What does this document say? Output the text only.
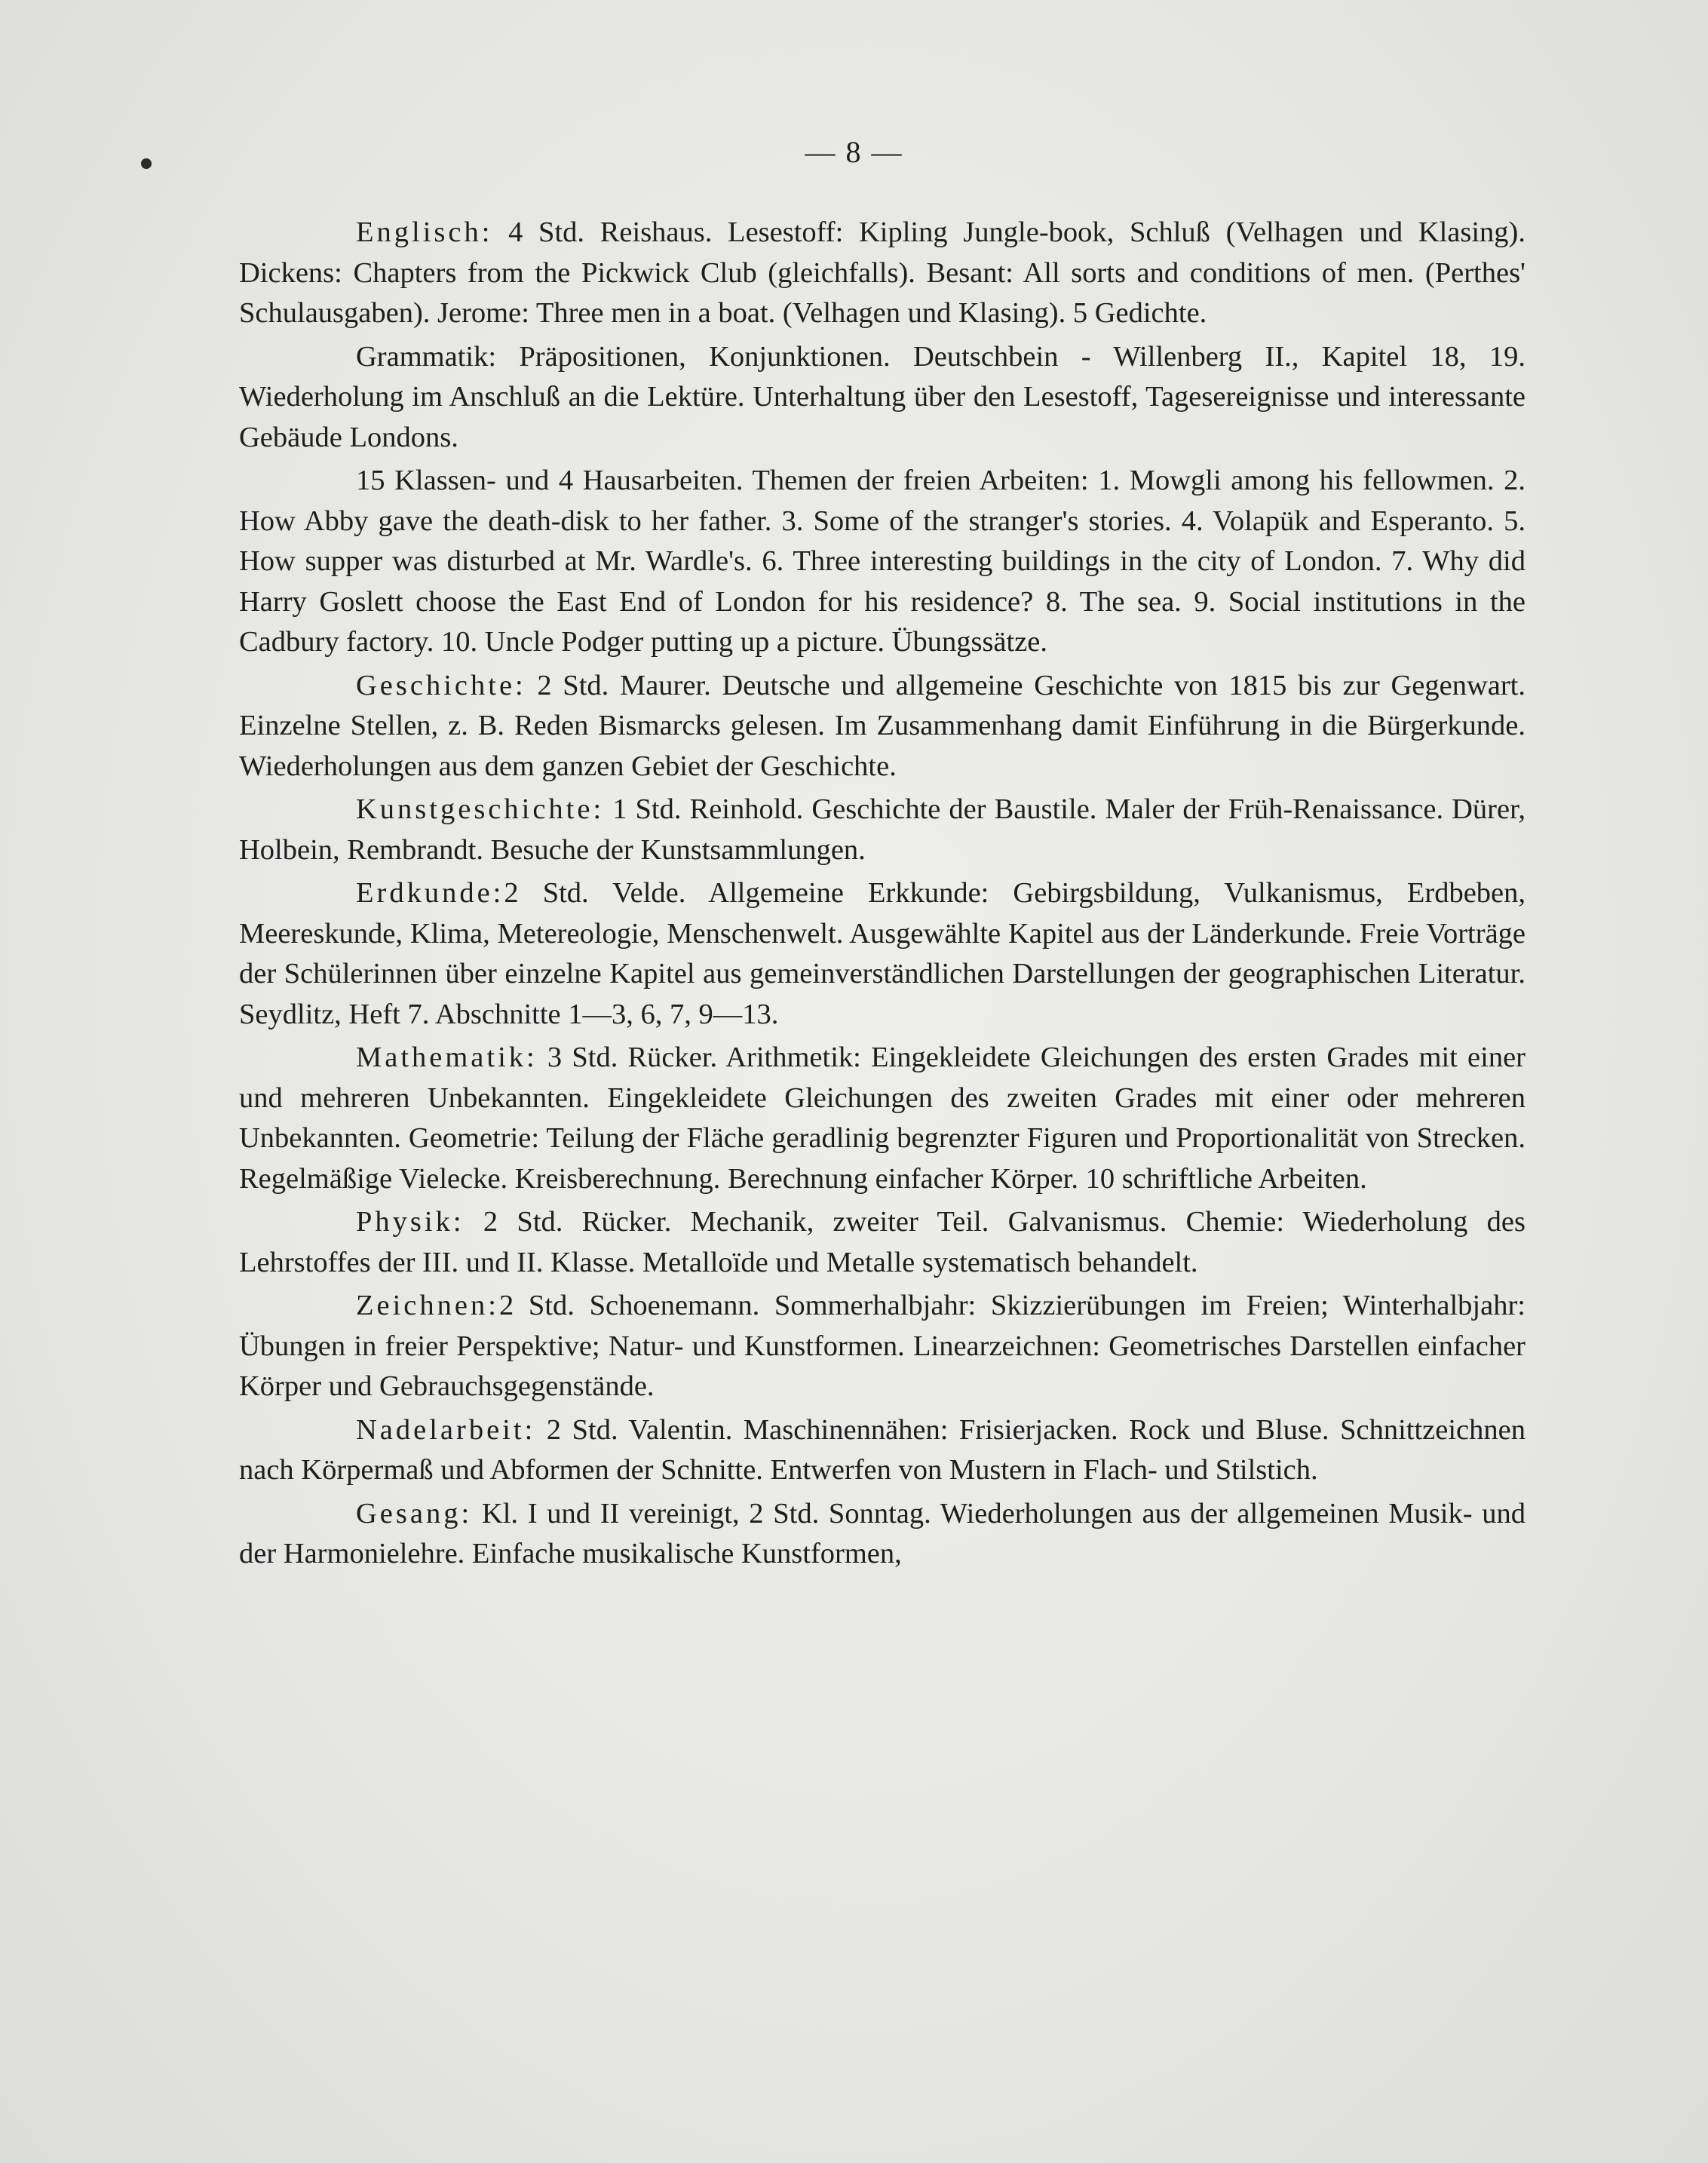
— 8 —

Englisch: 4 Std. Reishaus. Lesestoff: Kipling Jungle-book, Schluß (Velhagen und Klasing). Dickens: Chapters from the Pickwick Club (gleichfalls). Besant: All sorts and conditions of men. (Perthes' Schulausgaben). Jerome: Three men in a boat. (Velhagen und Klasing). 5 Gedichte.

Grammatik: Präpositionen, Konjunktionen. Deutschbein - Willenberg II., Kapitel 18, 19. Wiederholung im Anschluß an die Lektüre. Unterhaltung über den Lesestoff, Tagesereignisse und interessante Gebäude Londons.

15 Klassen- und 4 Hausarbeiten. Themen der freien Arbeiten: 1. Mowgli among his fellowmen. 2. How Abby gave the death-disk to her father. 3. Some of the stranger's stories. 4. Volapük and Esperanto. 5. How supper was disturbed at Mr. Wardle's. 6. Three interesting buildings in the city of London. 7. Why did Harry Goslett choose the East End of London for his residence? 8. The sea. 9. Social institutions in the Cadbury factory. 10. Uncle Podger putting up a picture. Übungssätze.

Geschichte: 2 Std. Maurer. Deutsche und allgemeine Geschichte von 1815 bis zur Gegenwart. Einzelne Stellen, z. B. Reden Bismarcks gelesen. Im Zusammenhang damit Einführung in die Bürgerkunde. Wiederholungen aus dem ganzen Gebiet der Geschichte.

Kunstgeschichte: 1 Std. Reinhold. Geschichte der Baustile. Maler der Früh-Renaissance. Dürer, Holbein, Rembrandt. Besuche der Kunstsammlungen.

Erdkunde:2 Std. Velde. Allgemeine Erkkunde: Gebirgsbildung, Vulkanismus, Erdbeben, Meereskunde, Klima, Metereologie, Menschenwelt. Ausgewählte Kapitel aus der Länderkunde. Freie Vorträge der Schülerinnen über einzelne Kapitel aus gemeinverständlichen Darstellungen der geographischen Literatur. Seydlitz, Heft 7. Abschnitte 1—3, 6, 7, 9—13.

Mathematik: 3 Std. Rücker. Arithmetik: Eingekleidete Gleichungen des ersten Grades mit einer und mehreren Unbekannten. Eingekleidete Gleichungen des zweiten Grades mit einer oder mehreren Unbekannten. Geometrie: Teilung der Fläche geradlinig begrenzter Figuren und Proportionalität von Strecken. Regelmäßige Vielecke. Kreisberechnung. Berechnung einfacher Körper. 10 schriftliche Arbeiten.

Physik: 2 Std. Rücker. Mechanik, zweiter Teil. Galvanismus. Chemie: Wiederholung des Lehrstoffes der III. und II. Klasse. Metalloïde und Metalle systematisch behandelt.

Zeichnen:2 Std. Schoenemann. Sommerhalbjahr: Skizzierübungen im Freien; Winterhalbjahr: Übungen in freier Perspektive; Natur- und Kunstformen. Linearzeichnen: Geometrisches Darstellen einfacher Körper und Gebrauchsgegenstände.

Nadelarbeit: 2 Std. Valentin. Maschinennähen: Frisierjacken. Rock und Bluse. Schnittzeichnen nach Körpermaß und Abformen der Schnitte. Entwerfen von Mustern in Flach- und Stilstich.

Gesang: Kl. I und II vereinigt, 2 Std. Sonntag. Wiederholungen aus der allgemeinen Musik- und der Harmonielehre. Einfache musikalische Kunstformen,
